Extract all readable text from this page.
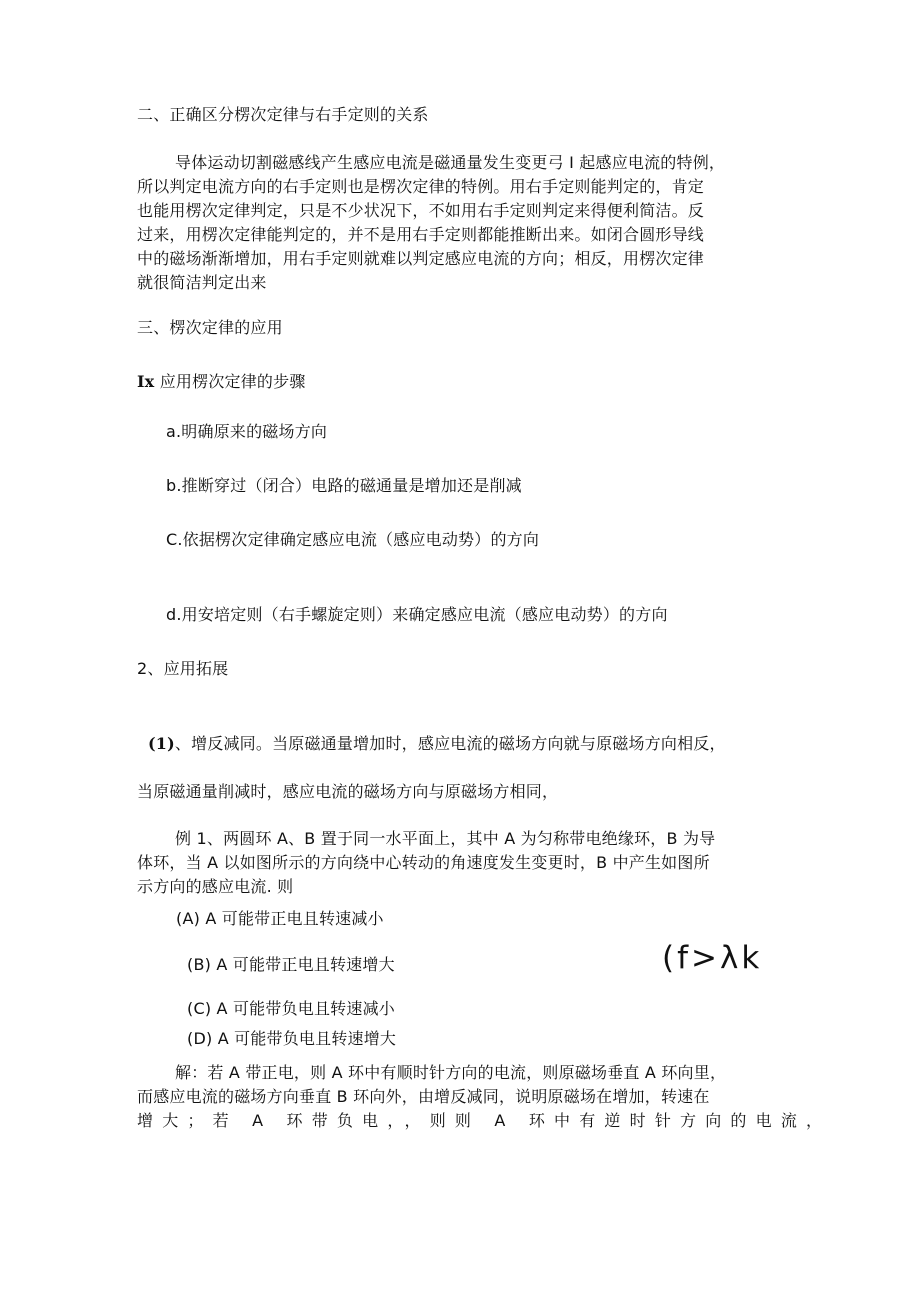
二、正确区分楞次定律与右手定则的关系

导体运动切割磁感线产生感应电流是磁通量发生变更弓 I 起感应电流的特例，
所以判定电流方向的右手定则也是楞次定律的特例。用右手定则能判定的，肯定
也能用楞次定律判定，只是不少状况下，不如用右手定则判定来得便利简洁。反
过来，用楞次定律能判定的，并不是用右手定则都能推断出来。如闭合圆形导线
中的磁场渐渐增加，用右手定则就难以判定感应电流的方向；相反，用楞次定律
就很简洁判定出来

三、楞次定律的应用

Ix 应用楞次定律的步骤

a.明确原来的磁场方向

b.推断穿过（闭合）电路的磁通量是增加还是削减

C.依据楞次定律确定感应电流（感应电动势）的方向

d.用安培定则（右手螺旋定则）来确定感应电流（感应电动势）的方向

2、应用拓展

(1)、增反减同。当原磁通量增加时，感应电流的磁场方向就与原磁场方向相反，

当原磁通量削减时，感应电流的磁场方向与原磁场方相同，

例 1、两圆环 A、B 置于同一水平面上，其中 A 为匀称带电绝缘环，B 为导
体环，当 A 以如图所示的方向绕中心转动的角速度发生变更时，B 中产生如图所
示方向的感应电流. 则

(A) A 可能带正电且转速减小

(B) A 可能带正电且转速增大

(C) A 可能带负电且转速减小

(D) A 可能带负电且转速增大

(f>λk
解：若 A 带正电，则 A 环中有顺时针方向的电流，则原磁场垂直 A 环向里，
而感应电流的磁场方向垂直 B 环向外，由增反减同，说明原磁场在增加，转速在
增大；若 A 环带负电，，则则 A 环中有逆时针方向的电流，
